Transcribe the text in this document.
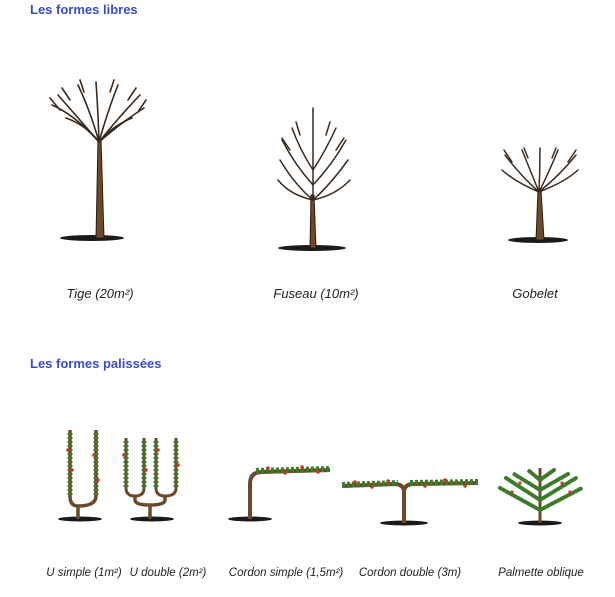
Les formes libres
Les formes palissées
Tige (20m²)	Fuseau (10m²)	Gobelet
U simple (1m²) U double (2m²) Cordon simple (1,5m²) Cordon double (3m)	Palmette oblique
